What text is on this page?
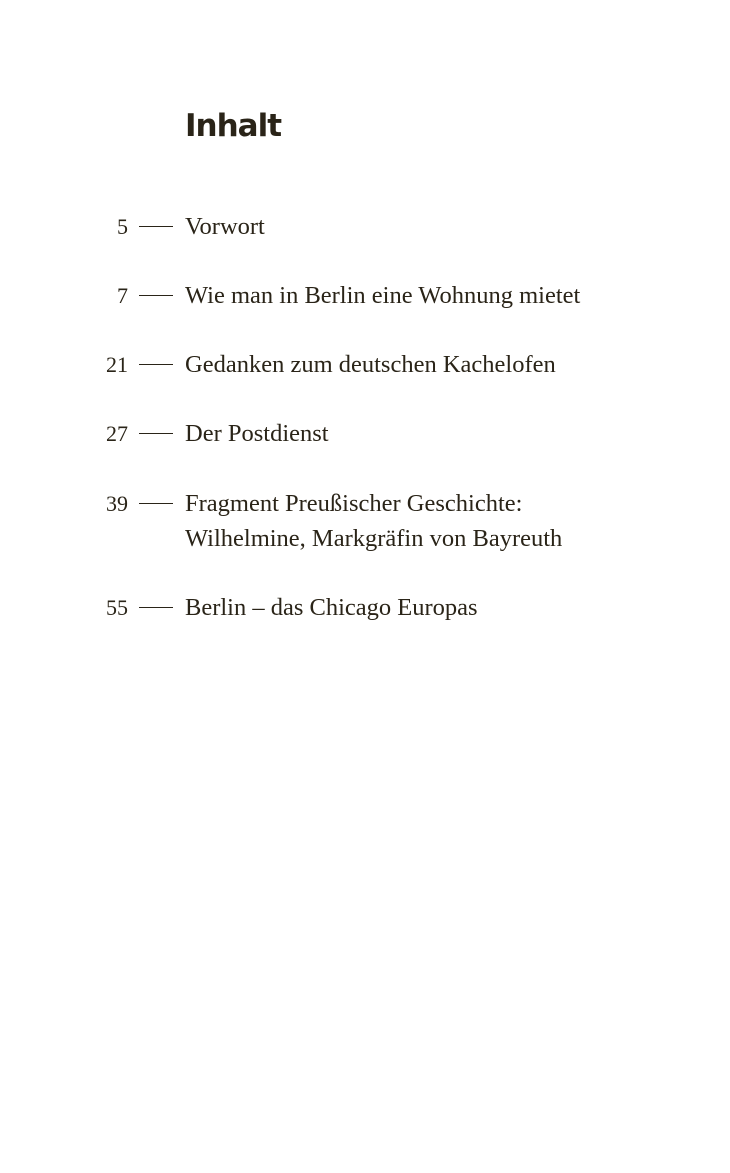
Inhalt
5 Vorwort
7 Wie man in Berlin eine Wohnung mietet
21 Gedanken zum deutschen Kachelofen
27 Der Postdienst
39 Fragment Preußischer Geschichte:
Wilhelmine, Markgräfin von Bayreuth
55 Berlin – das Chicago Europas
